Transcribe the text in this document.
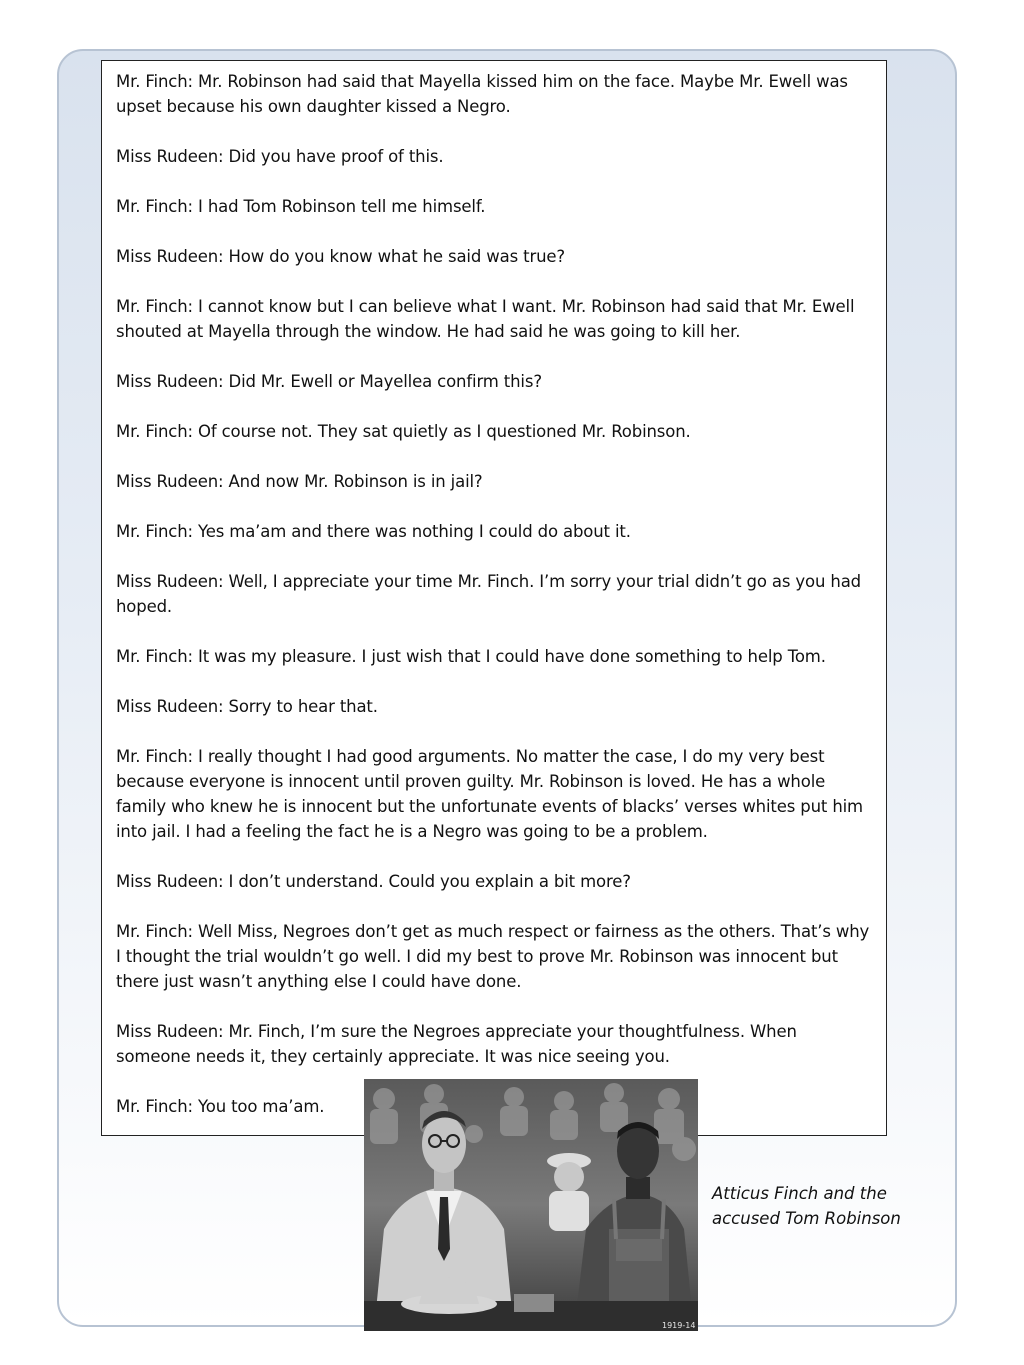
Mr. Finch: Mr. Robinson had said that Mayella kissed him on the face. Maybe Mr. Ewell was upset because his own daughter kissed a Negro.

Miss Rudeen: Did you have proof of this.

Mr. Finch: I had Tom Robinson tell me himself.

Miss Rudeen: How do you know what he said was true?

Mr. Finch: I cannot know but I can believe what I want. Mr. Robinson had said that Mr. Ewell shouted at Mayella through the window. He had said he was going to kill her.

Miss Rudeen: Did Mr. Ewell or Mayellea confirm this?

Mr. Finch: Of course not. They sat quietly as I questioned Mr. Robinson.

Miss Rudeen: And now Mr. Robinson is in jail?

Mr. Finch: Yes ma’am and there was nothing I could do about it.

Miss Rudeen: Well, I appreciate your time Mr. Finch. I’m sorry your trial didn’t go as you had hoped.

Mr. Finch: It was my pleasure. I just wish that I could have done something to help Tom.

Miss Rudeen: Sorry to hear that.

Mr. Finch: I really thought I had good arguments. No matter the case, I do my very best because everyone is innocent until proven guilty. Mr. Robinson is loved. He has a whole family who knew he is innocent but the unfortunate events of blacks’ verses whites put him into jail. I had a feeling the fact he is a Negro was going to be a problem.

Miss Rudeen: I don’t understand. Could you explain a bit more?

Mr. Finch: Well Miss, Negroes don’t get as much respect or fairness as the others. That’s why I thought the trial wouldn’t go well. I did my best to prove Mr. Robinson was innocent but there just wasn’t anything else I could have done.

Miss Rudeen: Mr. Finch, I’m sure the Negroes appreciate your thoughtfulness. When someone needs it, they certainly appreciate. It was nice seeing you.

Mr. Finch: You too ma’am.

1919-14
Atticus Finch and the
accused Tom Robinson
